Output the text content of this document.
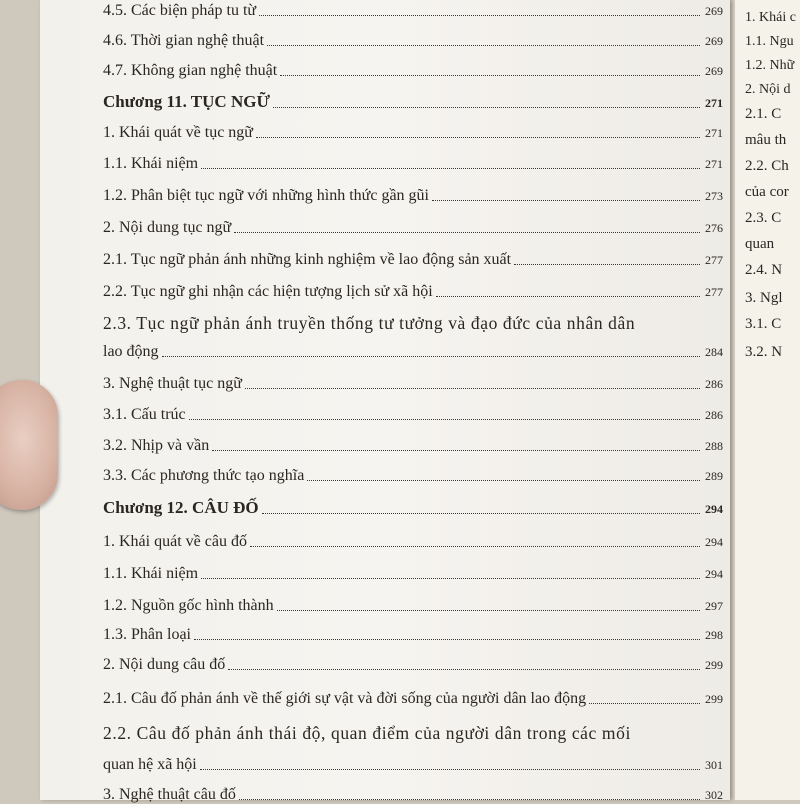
4.5. Các biện pháp tu từ	269
4.6. Thời gian nghệ thuật	269
4.7. Không gian nghệ thuật	269
Chương 11. TỤC NGỮ	271
1. Khái quát về tục ngữ	271
1.1. Khái niệm	271
1.2. Phân biệt tục ngữ với những hình thức gần gũi	273
2. Nội dung tục ngữ	276
2.1. Tục ngữ phản ánh những kinh nghiệm về lao động sản xuất	277
2.2. Tục ngữ ghi nhận các hiện tượng lịch sử xã hội	277
2.3. Tục ngữ phản ánh truyền thống tư tưởng và đạo đức của nhân dân
lao động	284
3. Nghệ thuật tục ngữ	286
3.1. Cấu trúc	286
3.2. Nhịp và vần	288
3.3. Các phương thức tạo nghĩa	289
Chương 12. CÂU ĐỐ	294
1. Khái quát về câu đố	294
1.1. Khái niệm	294
1.2. Nguồn gốc hình thành	297
1.3. Phân loại	298
2. Nội dung câu đố	299
2.1. Câu đố phản ánh về thế giới sự vật và đời sống của người dân lao động	299
2.2. Câu đố phản ánh thái độ, quan điểm của người dân trong các mối
quan hệ xã hội	301
3. Nghệ thuật câu đố	302
1. Khái c
1.1. Ngu
1.2. Nhữ
2. Nội d
2.1. C
mâu th
2.2. Ch
của cor
2.3. C
quan
2.4. N
3. Ngl
3.1. C
3.2. N
